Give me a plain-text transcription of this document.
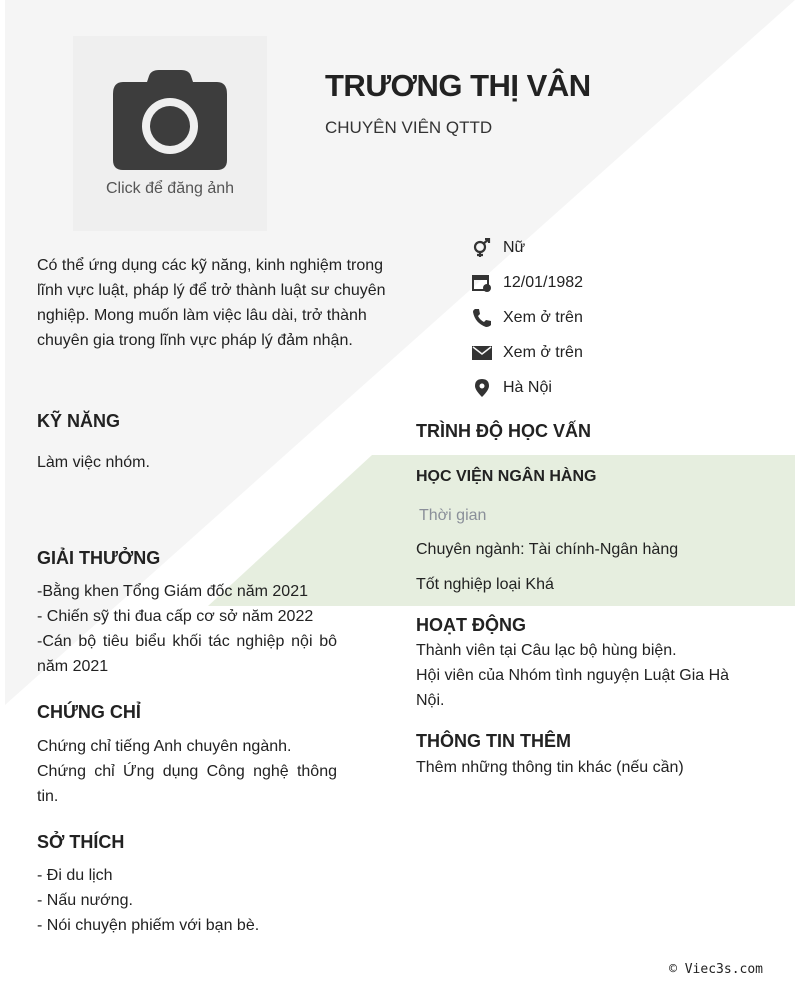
Click để đăng ảnh
TRƯƠNG THỊ VÂN
CHUYÊN VIÊN QTTD
Có thể ứng dụng các kỹ năng, kinh nghiệm trong lĩnh vực luật, pháp lý để trở thành luật sư chuyên nghiệp. Mong muốn làm việc lâu dài, trở thành chuyên gia trong lĩnh vực pháp lý đảm nhận.
Nữ
12/01/1982
Xem ở trên
Xem ở trên
Hà Nội
KỸ NĂNG
Làm việc nhóm.
GIẢI THƯỞNG
-Bằng khen Tổng Giám đốc năm 2021
- Chiến sỹ thi đua cấp cơ sở năm 2022
-Cán bộ tiêu biểu khối tác nghiệp nội bô năm 2021
CHỨNG CHỈ
Chứng chỉ tiếng Anh chuyên ngành.
Chứng chỉ Ứng dụng Công nghệ thông tin.
SỞ THÍCH
- Đi du lịch
- Nấu nướng.
- Nói chuyện phiếm với bạn bè.
TRÌNH ĐỘ HỌC VẤN
HỌC VIỆN NGÂN HÀNG
Thời gian
Chuyên ngành: Tài chính-Ngân hàng
Tốt nghiệp loại Khá
HOẠT ĐỘNG
Thành viên tại Câu lạc bộ hùng biện.
Hội viên của Nhóm tình nguyện Luật Gia Hà Nội.
THÔNG TIN THÊM
Thêm những thông tin khác (nếu cần)
© Viec3s.com
